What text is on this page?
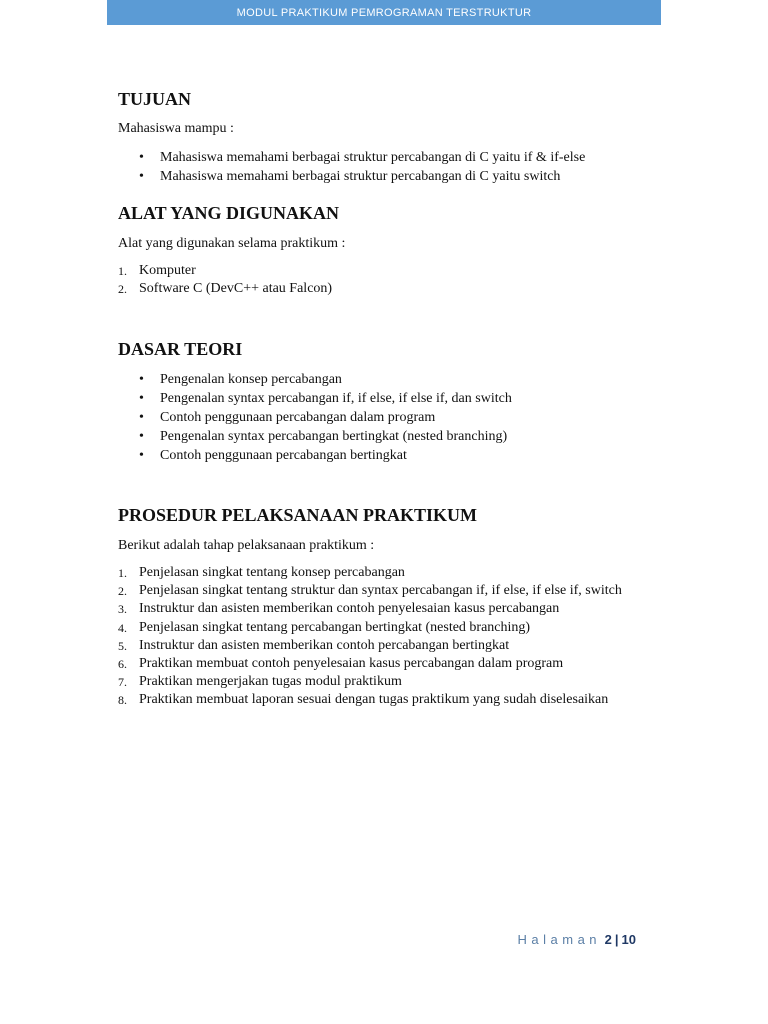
MODUL PRAKTIKUM PEMROGRAMAN TERSTRUKTUR
TUJUAN

Mahasiswa mampu :

• Mahasiswa memahami berbagai struktur percabangan di C yaitu if & if-else
• Mahasiswa memahami berbagai struktur percabangan di C yaitu switch
ALAT YANG DIGUNAKAN

Alat yang digunakan selama praktikum :

1. Komputer
2. Software C (DevC++ atau Falcon)
DASAR TEORI
• Pengenalan konsep percabangan
• Pengenalan syntax percabangan if, if else, if else if, dan switch
• Contoh penggunaan percabangan dalam program
• Pengenalan syntax percabangan bertingkat (nested branching)
• Contoh penggunaan percabangan bertingkat
PROSEDUR PELAKSANAAN PRAKTIKUM

Berikut adalah tahap pelaksanaan praktikum :

1. Penjelasan singkat tentang konsep percabangan
2. Penjelasan singkat tentang struktur dan syntax percabangan if, if else, if else if, switch
3. Instruktur dan asisten memberikan contoh penyelesaian kasus percabangan
4. Penjelasan singkat tentang percabangan bertingkat (nested branching)
5. Instruktur dan asisten memberikan contoh percabangan bertingkat
6. Praktikan membuat contoh penyelesaian kasus percabangan dalam program
7. Praktikan mengerjakan tugas modul praktikum
8. Praktikan membuat laporan sesuai dengan tugas praktikum yang sudah diselesaikan
Halaman 2 | 10
